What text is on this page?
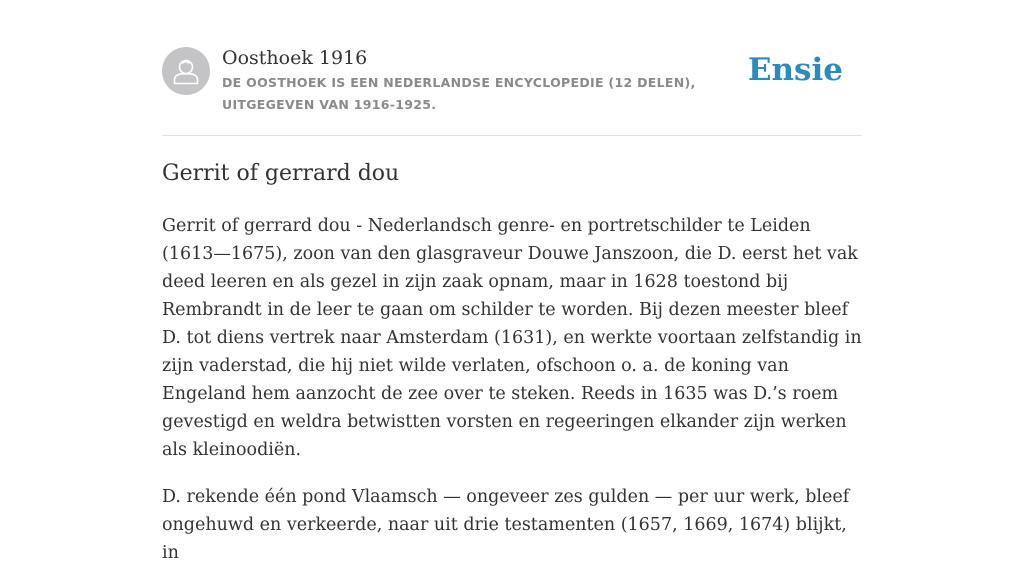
Oosthoek 1916
DE OOSTHOEK IS EEN NEDERLANDSE ENCYCLOPEDIE (12 DELEN), UITGEGEVEN VAN 1916-1925.
Ensie
Gerrit of gerrard dou

Gerrit of gerrard dou - Nederlandsch genre- en portretschilder te Leiden (1613—1675), zoon van den glasgraveur Douwe Janszoon, die D. eerst het vak deed leeren en als gezel in zijn zaak opnam, maar in 1628 toestond bij Rembrandt in de leer te gaan om schilder te worden. Bij dezen meester bleef D. tot diens vertrek naar Amsterdam (1631), en werkte voortaan zelfstandig in zijn vaderstad, die hij niet wilde verlaten, ofschoon o. a. de koning van Engeland hem aanzocht de zee over te steken. Reeds in 1635 was D.’s roem gevestigd en weldra betwistten vorsten en regeeringen elkander zijn werken als kleinoodiën.

D. rekende één pond Vlaamsch — ongeveer zes gulden — per uur werk, bleef ongehuwd en verkeerde, naar uit drie testamenten (1657, 1669, 1674) blijkt, in
